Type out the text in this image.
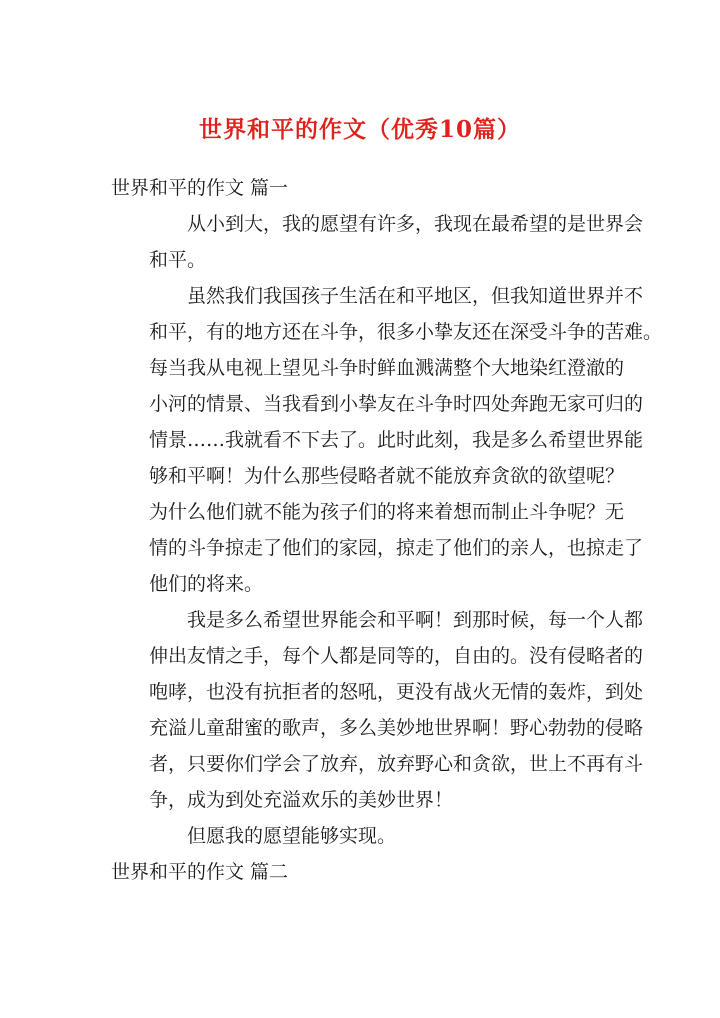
世界和平的作文（优秀10篇）
世界和平的作文 篇一
从小到大，我的愿望有许多，我现在最希望的是世界会
和平。
虽然我们我国孩子生活在和平地区，但我知道世界并不
和平，有的地方还在斗争，很多小挚友还在深受斗争的苦难。
每当我从电视上望见斗争时鲜血溅满整个大地染红澄澈的
小河的情景、当我看到小挚友在斗争时四处奔跑无家可归的
情景……我就看不下去了。此时此刻，我是多么希望世界能
够和平啊！为什么那些侵略者就不能放弃贪欲的欲望呢？
为什么他们就不能为孩子们的将来着想而制止斗争呢？无
情的斗争掠走了他们的家园，掠走了他们的亲人，也掠走了
他们的将来。
我是多么希望世界能会和平啊！到那时候，每一个人都
伸出友情之手，每个人都是同等的，自由的。没有侵略者的
咆哮，也没有抗拒者的怒吼，更没有战火无情的轰炸，到处
充溢儿童甜蜜的歌声，多么美妙地世界啊！野心勃勃的侵略
者，只要你们学会了放弃，放弃野心和贪欲，世上不再有斗
争，成为到处充溢欢乐的美妙世界！
但愿我的愿望能够实现。
世界和平的作文 篇二
